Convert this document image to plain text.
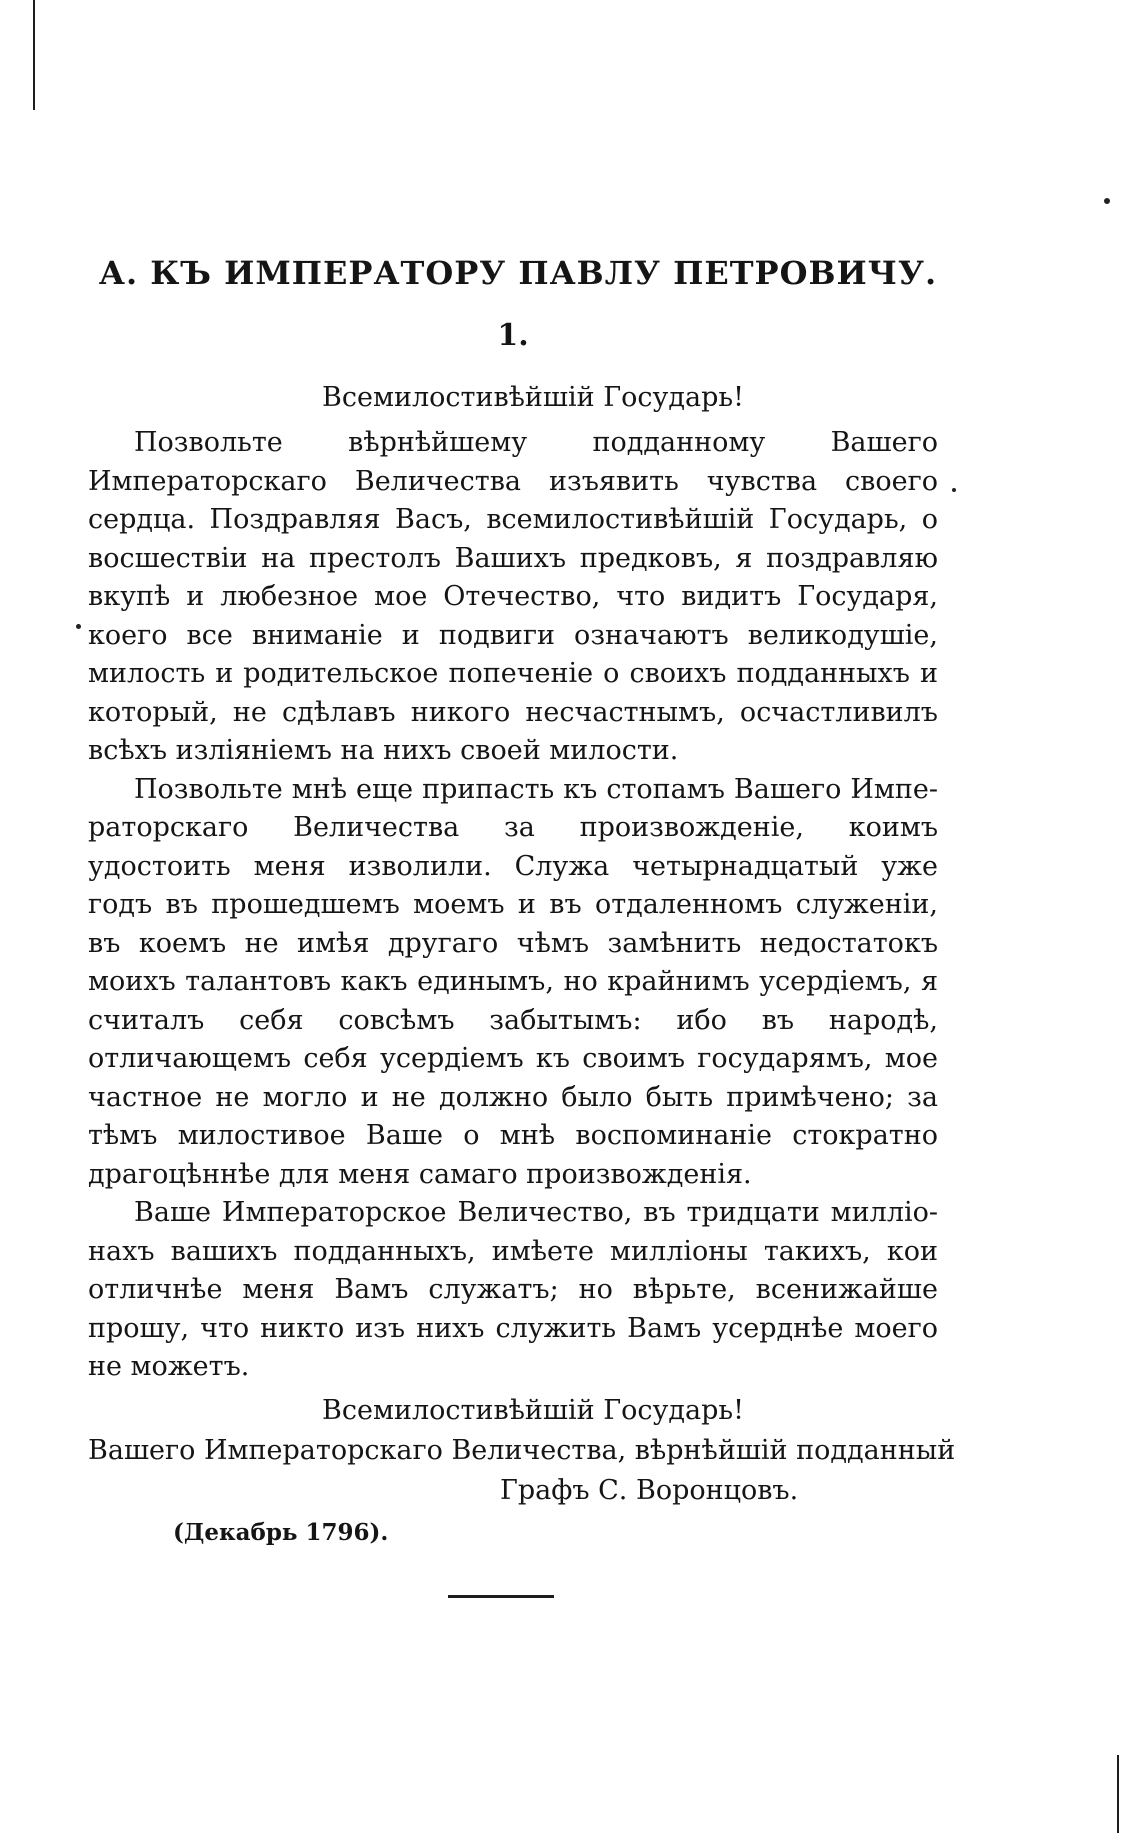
А. КЪ ИМПЕРАТОРУ ПАВЛУ ПЕТРОВИЧУ.
1.
Всемилостивѣйшій Государь!

Позвольте вѣрнѣйшему подданному Вашего Императорскаго Величества изъявить чувства своего сердца. Поздравляя Васъ, всемилостивѣйшій Государь, о восшествіи на престолъ Вашихъ предковъ, я поздравляю вкупѣ и любезное мое Отечество, что видитъ Государя, коего все вниманіе и подвиги означаютъ великодушіе, милость и родительское попеченіе о своихъ подданныхъ и который, не сдѣлавъ никого несчастнымъ, осчастливилъ всѣхъ изліяніемъ на нихъ своей милости.

Позвольте мнѣ еще припасть къ стопамъ Вашего Императорскаго Величества за произвожденіе, коимъ удостоить меня изволили. Служа четырнадцатый уже годъ въ прошедшемъ моемъ и въ отдаленномъ служеніи, въ коемъ не имѣя другаго чѣмъ замѣнить недостатокъ моихъ талантовъ какъ единымъ, но крайнимъ усердіемъ, я считалъ себя совсѣмъ забытымъ: ибо въ народѣ, отличающемъ себя усердіемъ къ своимъ государямъ, мое частное не могло и не должно было быть примѣчено; за тѣмъ милостивое Ваше о мнѣ воспоминаніе стократно драгоцѣннѣе для меня самаго произвожденія.

Ваше Императорское Величество, въ тридцати милліонахъ вашихъ подданныхъ, имѣете милліоны такихъ, кои отличнѣе меня Вамъ служатъ; но вѣрьте, всенижайше прошу, что никто изъ нихъ служить Вамъ усерднѣе моего не можетъ.

Всемилостивѣйшій Государь!
Вашего Императорскаго Величества, вѣрнѣйшій подданный
Графъ С. Воронцовъ.
(Декабрь 1796).
